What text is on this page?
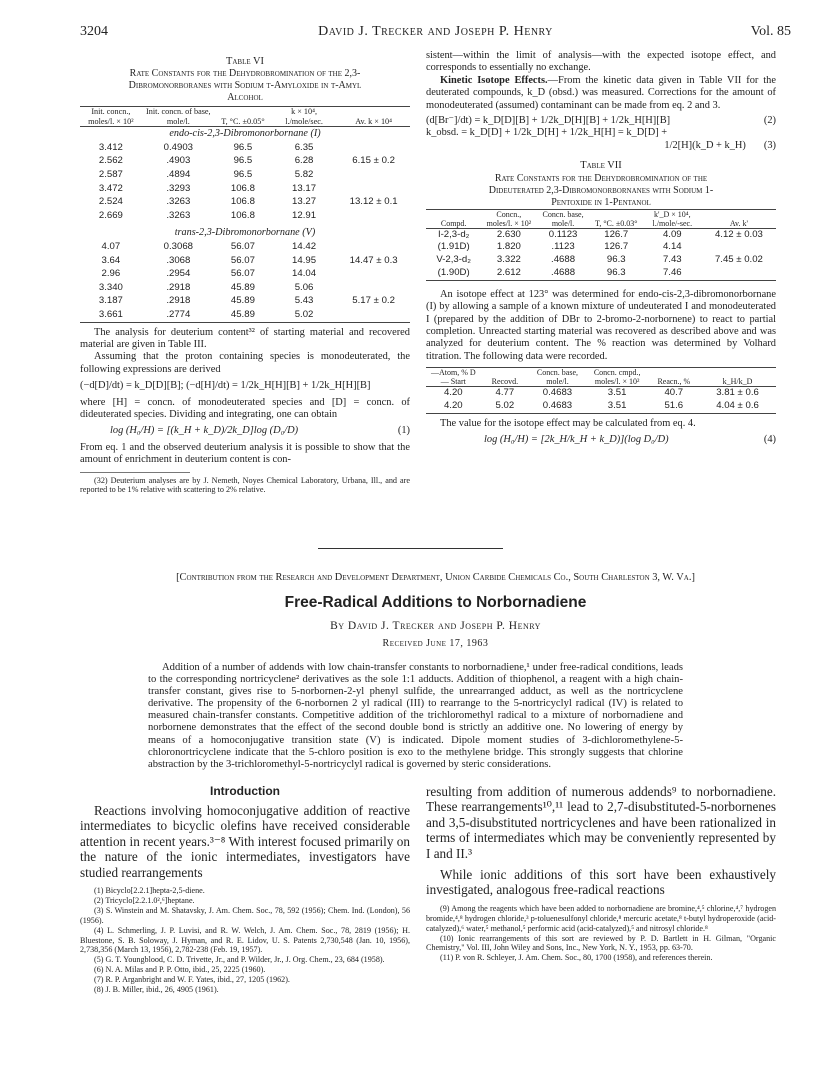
3204	David J. Trecker and Joseph P. Henry	Vol. 85
Table VI
Rate Constants for the Dehydrobromination of the 2,3-
Dibromonorboranes with Sodium t-Amyloxide in t-Amyl
Alcohol
Init. concn., moles/l. × 10²	Init. concn. of base, mole/l.	T, °C. ±0.05°	k × 10⁴, l./mole/sec.	Av. k × 10⁴
endo-cis-2,3-Dibromonorbornane (I)				
3.412	0.4903	96.5	6.35	
2.562	.4903	96.5	6.28	6.15 ± 0.2
2.587	.4894	96.5	5.82	
3.472	.3293	106.8	13.17	
2.524	.3263	106.8	13.27	13.12 ± 0.1
2.669	.3263	106.8	12.91	
trans-2,3-Dibromonorbornane (V)				
4.07	0.3068	56.07	14.42	
3.64	.3068	56.07	14.95	14.47 ± 0.3
2.96	.2954	56.07	14.04	
3.340	.2918	45.89	5.06	
3.187	.2918	45.89	5.43	5.17 ± 0.2
3.661	.2774	45.89	5.02	

The analysis for deuterium content³² of starting material and recovered material are given in Table III.

Assuming that the proton containing species is monodeuterated, the following expressions are derived

(−d[D]/dt) = k_D[D][B]; (−d[H]/dt) = 1/2k_H[H][B] + 1/2k_H[H][B]

where [H] = concn. of monodeuterated species and [D] = concn. of dideuterated species. Dividing and integrating, one can obtain

log (H₀/H) = [(k_H + k_D)/2k_D]log (D₀/D)	(1)

From eq. 1 and the observed deuterium analysis it is possible to show that the amount of enrichment in deuterium content is con-

(32) Deuterium analyses are by J. Nemeth, Noyes Chemical Laboratory, Urbana, Ill., and are reported to be 1% relative with scattering to 2% relative.

sistent—within the limit of analysis—with the expected isotope effect, and corresponds to essentially no exchange.

Kinetic Isotope Effects.—From the kinetic data given in Table VII for the deuterated compounds, k_D (obsd.) was measured. Corrections for the amount of monodeuterated (assumed) contaminant can be made from eq. 2 and 3.

(d[Br⁻]/dt) = k_D[D][B] + 1/2k_D[H][B] + 1/2k_H[H][B]	(2)
k_obsd. = k_D[D] + 1/2k_D[H] + 1/2k_H[H] = k_D[D] +
1/2[H](k_D + k_H) (3)
Table VII
Rate Constants for the Dehydrobromination of the
Dideuterated 2,3-Dibromonorbornanes with Sodium 1-
Pentoxide in 1-Pentanol
Compd.	Concn., moles/l. × 10²	Concn. base, mole/l.	T, °C. ±0.03°	k'_D × 10⁴, l./mole/-sec.	Av. k'
I-2,3-d₂	2.630	0.1123	126.7	4.09	4.12 ± 0.03
(1.91D)	1.820	.1123	126.7	4.14	
V-2,3-d₂	3.322	.4688	96.3	7.43	7.45 ± 0.02
(1.90D)	2.612	.4688	96.3	7.46	

An isotope effect at 123° was determined for endo-cis-2,3-dibromonorbornane (I) by allowing a sample of a known mixture of undeuterated I and monodeuterated I (prepared by the addition of DBr to 2-bromo-2-norbornene) to react to partial completion. Unreacted starting material was recovered as described above and was analyzed for deuterium content. The % reaction was determined by Volhard titration. The following data were recorded.

—Atom, % D— Start	Recovd.	Concn. base, mole/l.	Concn. cmpd., moles/l. × 10²	Reacn., %	k_H/k_D
4.20	4.77	0.4683	3.51	40.7	3.81 ± 0.6
4.20	5.02	0.4683	3.51	51.6	4.04 ± 0.6

The value for the isotope effect may be calculated from eq. 4.

log (H₀/H) = [2k_H/k_H + k_D)](log D₀/D)	(4)
[Contribution from the Research and Development Department, Union Carbide Chemicals Co., South Charleston 3, W. Va.]
Free-Radical Additions to Norbornadiene
By David J. Trecker and Joseph P. Henry
Received June 17, 1963
Addition of a number of addends with low chain-transfer constants to norbornadiene,¹ under free-radical conditions, leads to the corresponding nortricyclene² derivatives as the sole 1:1 adducts. Addition of thiophenol, a reagent with a high chain-transfer constant, gives rise to 5-norbornen-2-yl phenyl sulfide, the unrearranged adduct, as well as the nortricyclene derivative. The propensity of the 6-norbornen 2 yl radical (III) to rearrange to the 5-nortricyclyl radical (IV) is related to measured chain-transfer constants. Competitive addition of the trichloromethyl radical to a mixture of norbornadiene and norbornene demonstrates that the effect of the second double bond is strictly an additive one. No lowering of energy by means of a homoconjugative transition state (V) is indicated. Dipole moment studies of 3-dichloromethylene-5-chloronortricyclene indicate that the 5-chloro position is exo to the methylene bridge. This strongly suggests that chlorine abstraction by the 3-trichloromethyl-5-nortricyclyl radical is governed by steric considerations.
Introduction

Reactions involving homoconjugative addition of reactive intermediates to bicyclic olefins have received considerable attention in recent years.³⁻⁸ With interest focused primarily on the nature of the ionic intermediates, investigators have studied rearrangements

(1) Bicyclo[2.2.1]hepta-2,5-diene.

(2) Tricyclo[2.2.1.0²,⁶]heptane.

(3) S. Winstein and M. Shatavsky, J. Am. Chem. Soc., 78, 592 (1956); Chem. Ind. (London), 56 (1956).

(4) L. Schmerling, J. P. Luvisi, and R. W. Welch, J. Am. Chem. Soc., 78, 2819 (1956); H. Bluestone, S. B. Soloway, J. Hyman, and R. E. Lidov, U. S. Patents 2,730,548 (Jan. 10, 1956), 2,738,356 (March 13, 1956), 2,782-238 (Feb. 19, 1957).

(5) G. T. Youngblood, C. D. Trivette, Jr., and P. Wilder, Jr., J. Org. Chem., 23, 684 (1958).

(6) N. A. Milas and P. P. Otto, ibid., 25, 2225 (1960).

(7) R. P. Arganbright and W. F. Yates, ibid., 27, 1205 (1962).

(8) J. B. Miller, ibid., 26, 4905 (1961).

resulting from addition of numerous addends⁹ to norbornadiene. These rearrangements¹⁰,¹¹ lead to 2,7-disubstituted-5-norbornenes and 3,5-disubstituted nortricyclenes and have been rationalized in terms of intermediates which may be conveniently represented by I and II.³

While ionic additions of this sort have been exhaustively investigated, analogous free-radical reactions

(9) Among the reagents which have been added to norbornadiene are bromine,⁴,⁵ chlorine,⁴,⁷ hydrogen bromide,⁴,⁸ hydrogen chloride,³ p-toluenesulfonyl chloride,⁸ mercuric acetate,⁸ t-butyl hydroperoxide (acid-catalyzed),⁶ water,⁵ methanol,⁵ performic acid (acid-catalyzed),⁵ and nitrosyl chloride.⁸

(10) Ionic rearrangements of this sort are reviewed by P. D. Bartlett in H. Gilman, "Organic Chemistry," Vol. III, John Wiley and Sons, Inc., New York, N. Y., 1953, pp. 63-70.

(11) P. von R. Schleyer, J. Am. Chem. Soc., 80, 1700 (1958), and references therein.
